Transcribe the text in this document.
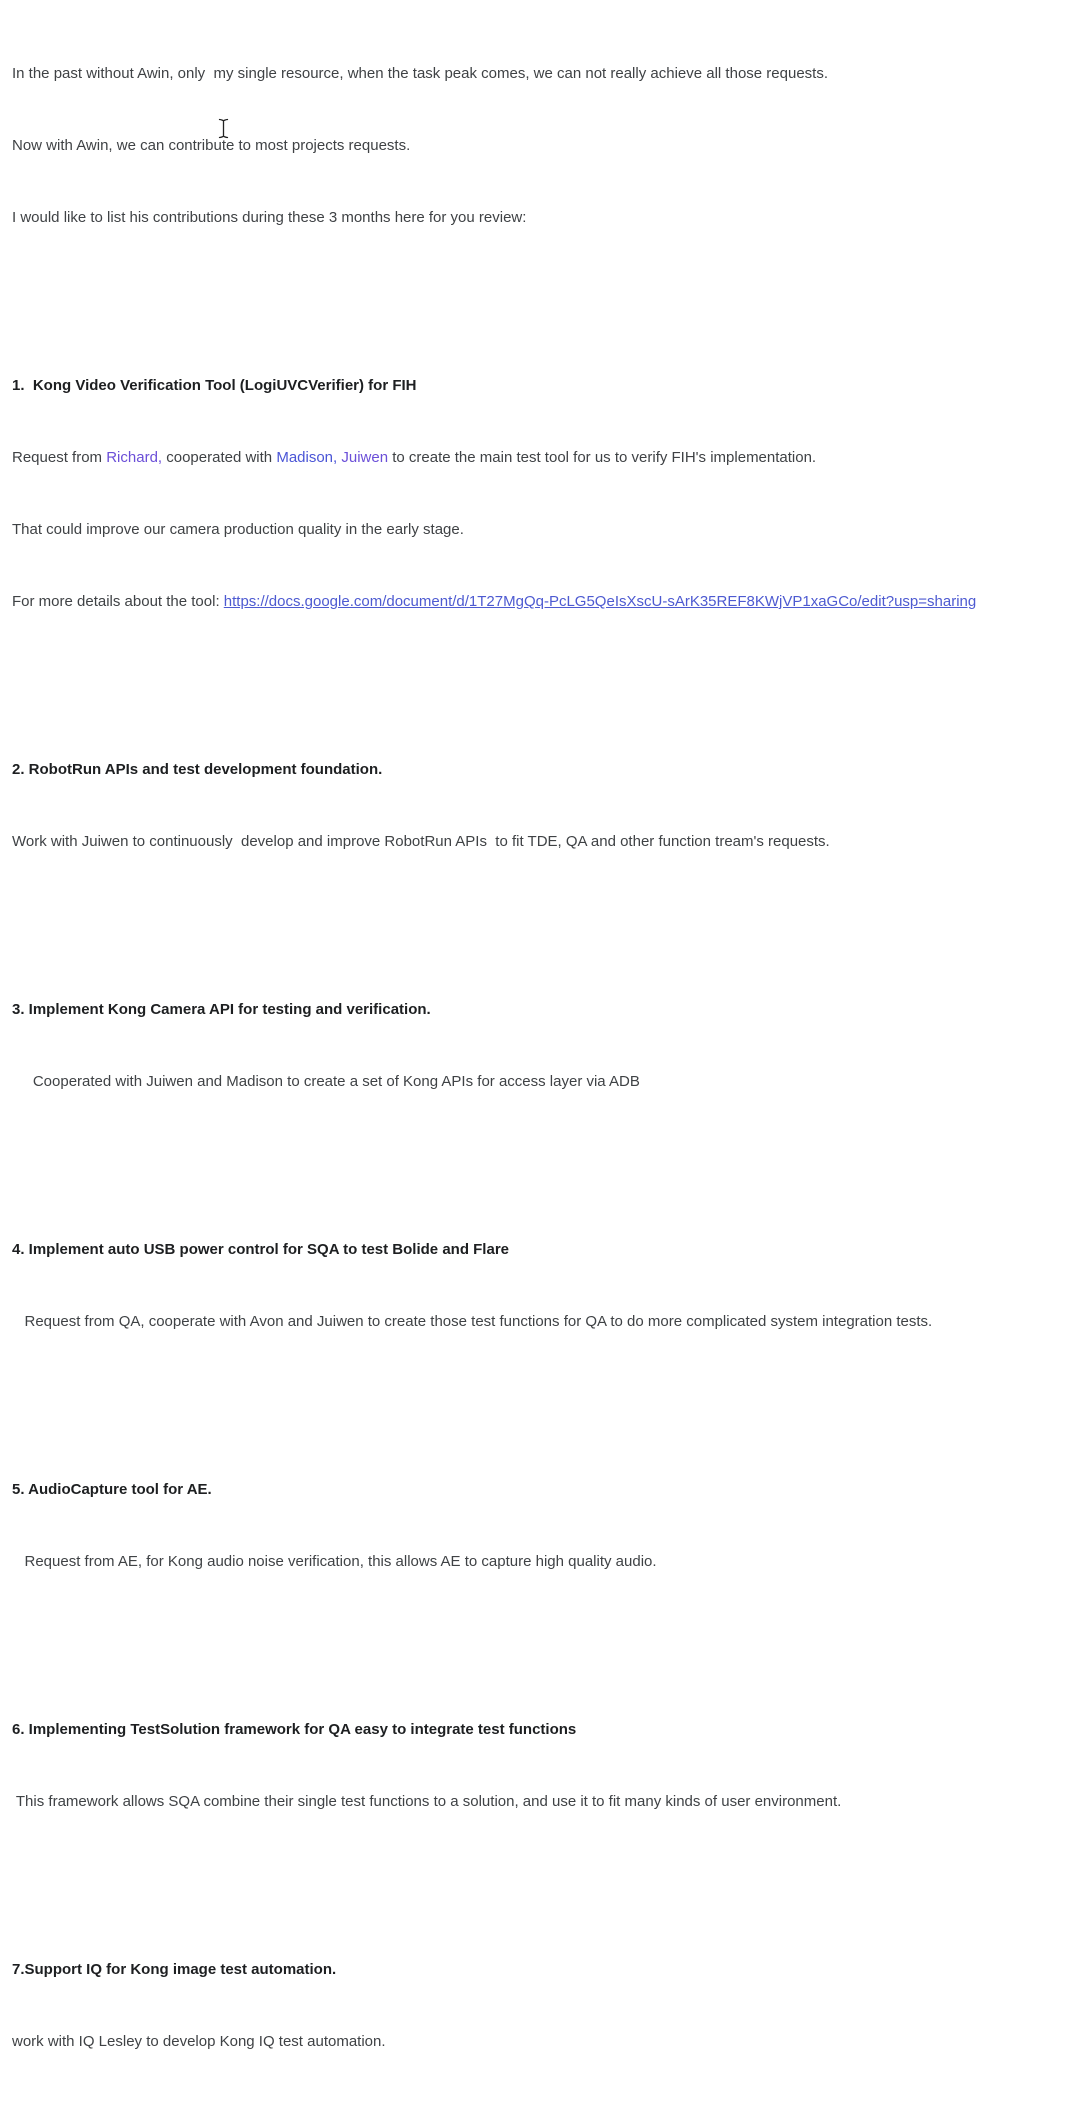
In the past without Awin, only  my single resource, when the task peak comes, we can not really achieve all those requests.

Now with Awin, we can contribute to most projects requests.

I would like to list his contributions during these 3 months here for you review:

1.  Kong Video Verification Tool (LogiUVCVerifier) for FIH

Request from Richard, cooperated with Madison, Juiwen to create the main test tool for us to verify FIH's implementation.

That could improve our camera production quality in the early stage.

For more details about the tool: https://docs.google.com/document/d/1T27MgQq-PcLG5QeIsXscU-sArK35REF8KWjVP1xaGCo/edit?usp=sharing

2. RobotRun APIs and test development foundation.

Work with Juiwen to continuously  develop and improve RobotRun APIs  to fit TDE, QA and other function tream's requests.

3. Implement Kong Camera API for testing and verification.

Cooperated with Juiwen and Madison to create a set of Kong APIs for access layer via ADB

4. Implement auto USB power control for SQA to test Bolide and Flare

Request from QA, cooperate with Avon and Juiwen to create those test functions for QA to do more complicated system integration tests.

5. AudioCapture tool for AE.

Request from AE, for Kong audio noise verification, this allows AE to capture high quality audio.

6. Implementing TestSolution framework for QA easy to integrate test functions

This framework allows SQA combine their single test functions to a solution, and use it to fit many kinds of user environment.

7.Support IQ for Kong image test automation.

work with IQ Lesley to develop Kong IQ test automation.
